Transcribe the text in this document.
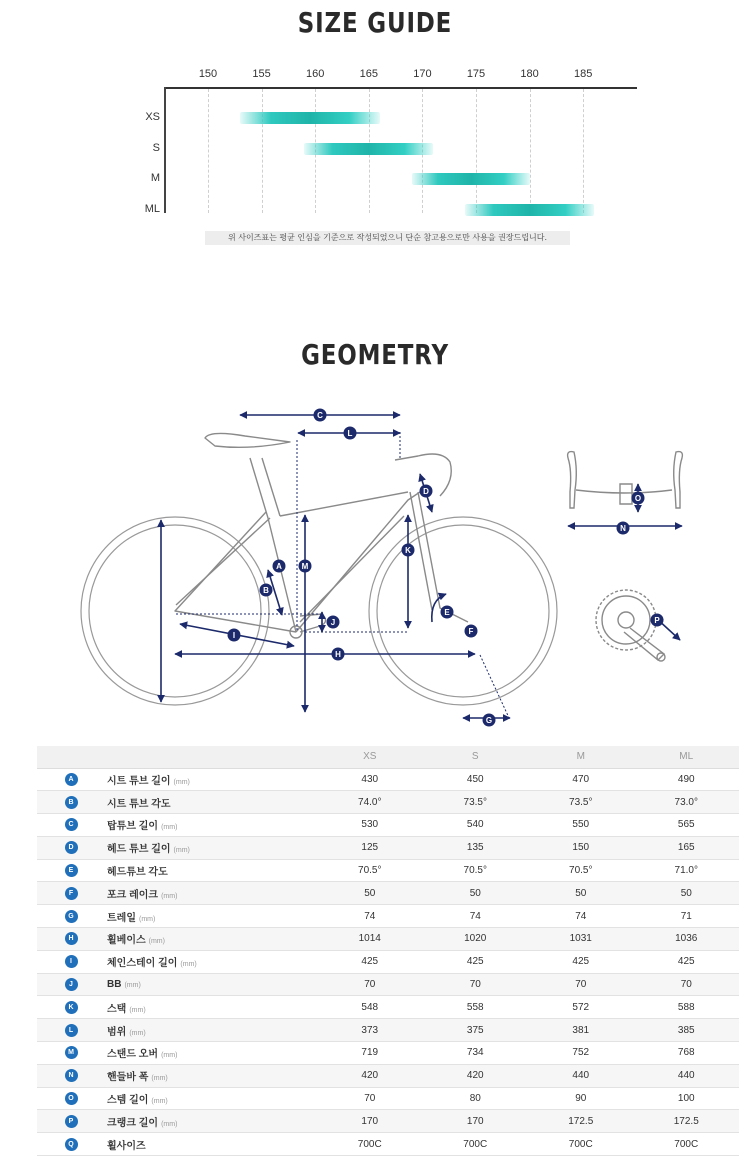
SIZE GUIDE
150	155	160	165	170	175	180	185
XS
S
M
ML
위 사이즈표는 평균 인심을 기준으로 작성되었으니 단순 참고용으로만 사용을 권장드립니다.
GEOMETRY
A
B
C
D
E
F
G
H
I
J
K
L
M
N
O
P
		XS	S	M	ML
A	시트 튜브 길이 (mm)	430	450	470	490
B	시트 튜브 각도	74.0°	73.5°	73.5°	73.0°
C	탑튜브 길이 (mm)	530	540	550	565
D	헤드 튜브 길이 (mm)	125	135	150	165
E	헤드튜브 각도	70.5°	70.5°	70.5°	71.0°
F	포크 레이크 (mm)	50	50	50	50
G	트레일 (mm)	74	74	74	71
H	휠베이스 (mm)	1014	1020	1031	1036
I	체인스테이 길이 (mm)	425	425	425	425
J	BB (mm)	70	70	70	70
K	스택 (mm)	548	558	572	588
L	범위 (mm)	373	375	381	385
M	스탠드 오버 (mm)	719	734	752	768
N	핸들바 폭 (mm)	420	420	440	440
O	스템 길이 (mm)	70	80	90	100
P	크랭크 길이 (mm)	170	170	172.5	172.5
Q	휠사이즈	700C	700C	700C	700C
